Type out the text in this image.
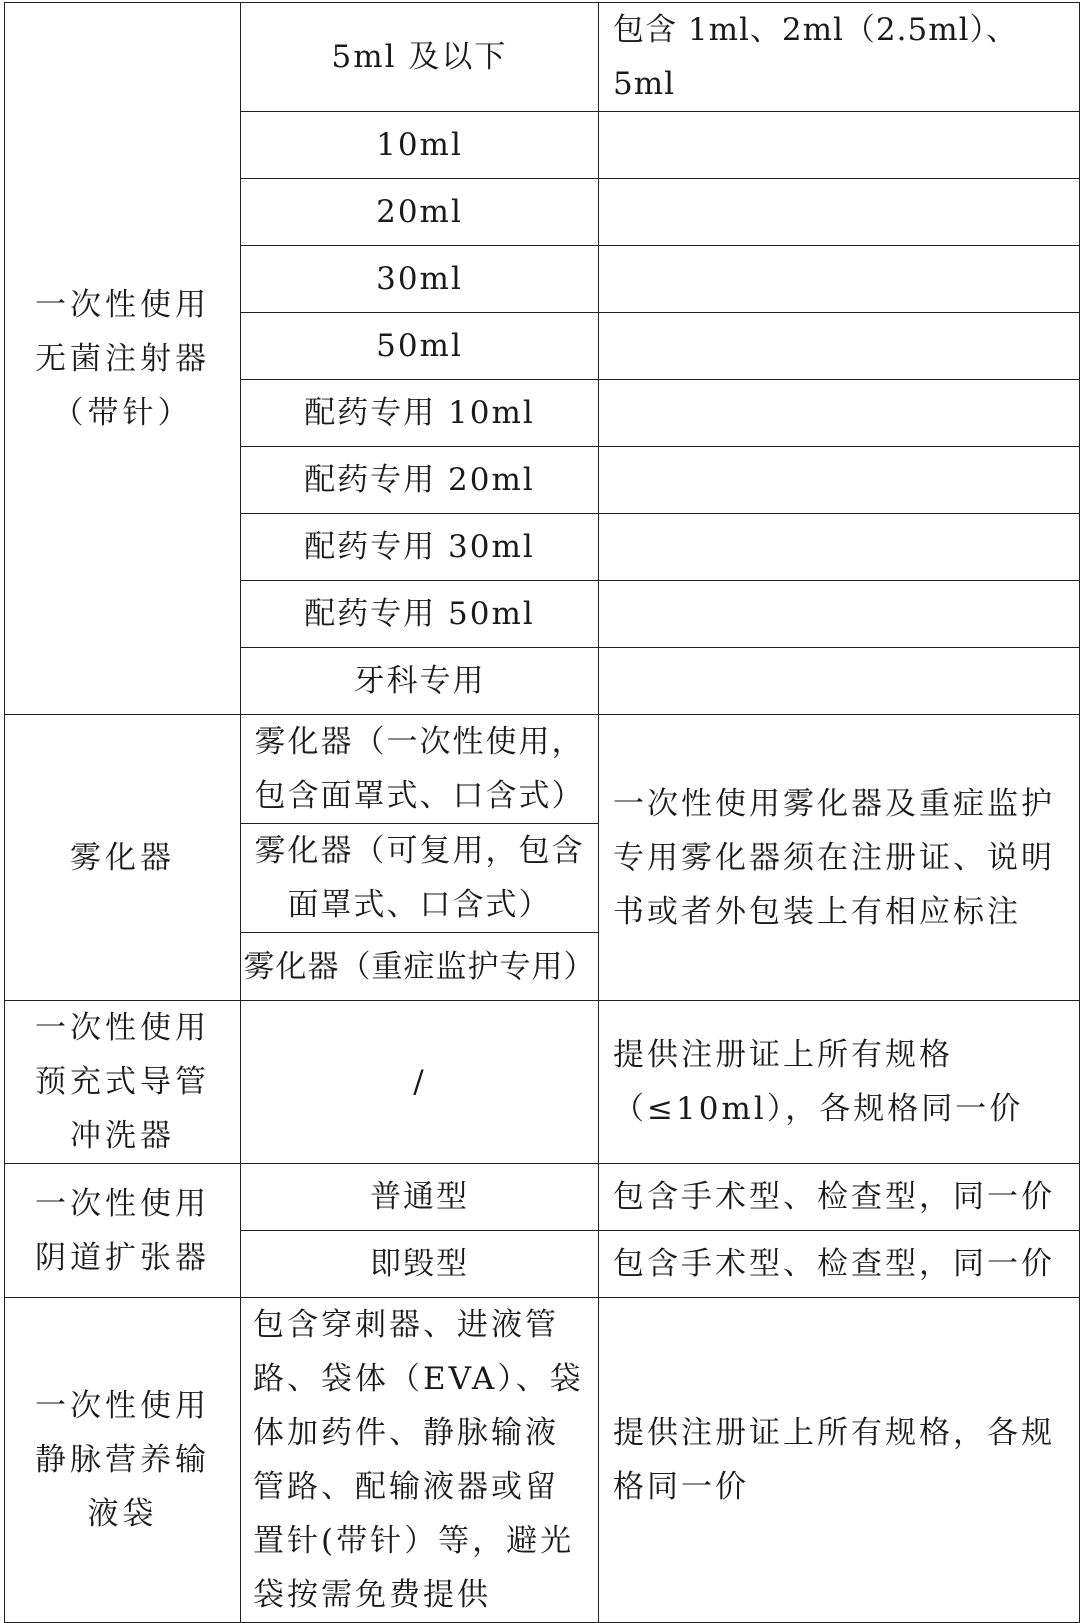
一次性使用无菌注射器（带针）	5ml 及以下	包含 1ml、2ml（2.5ml）、5ml
	10ml	
	20ml	
	30ml	
	50ml	
	配药专用 10ml	
	配药专用 20ml	
	配药专用 30ml	
	配药专用 50ml	
	牙科专用	
雾化器	雾化器（一次性使用，包含面罩式、口含式）	一次性使用雾化器及重症监护专用雾化器须在注册证、说明书或者外包装上有相应标注
	雾化器（可复用，包含面罩式、口含式）	
	雾化器（重症监护专用）	
一次性使用预充式导管冲洗器	/	提供注册证上所有规格（≤10ml），各规格同一价
一次性使用阴道扩张器	普通型	包含手术型、检查型，同一价
	即毁型	包含手术型、检查型，同一价
一次性使用静脉营养输液袋	包含穿刺器、进液管路、袋体（EVA）、袋体加药件、静脉输液管路、配输液器或留置针(带针）等，避光袋按需免费提供	提供注册证上所有规格，各规格同一价
